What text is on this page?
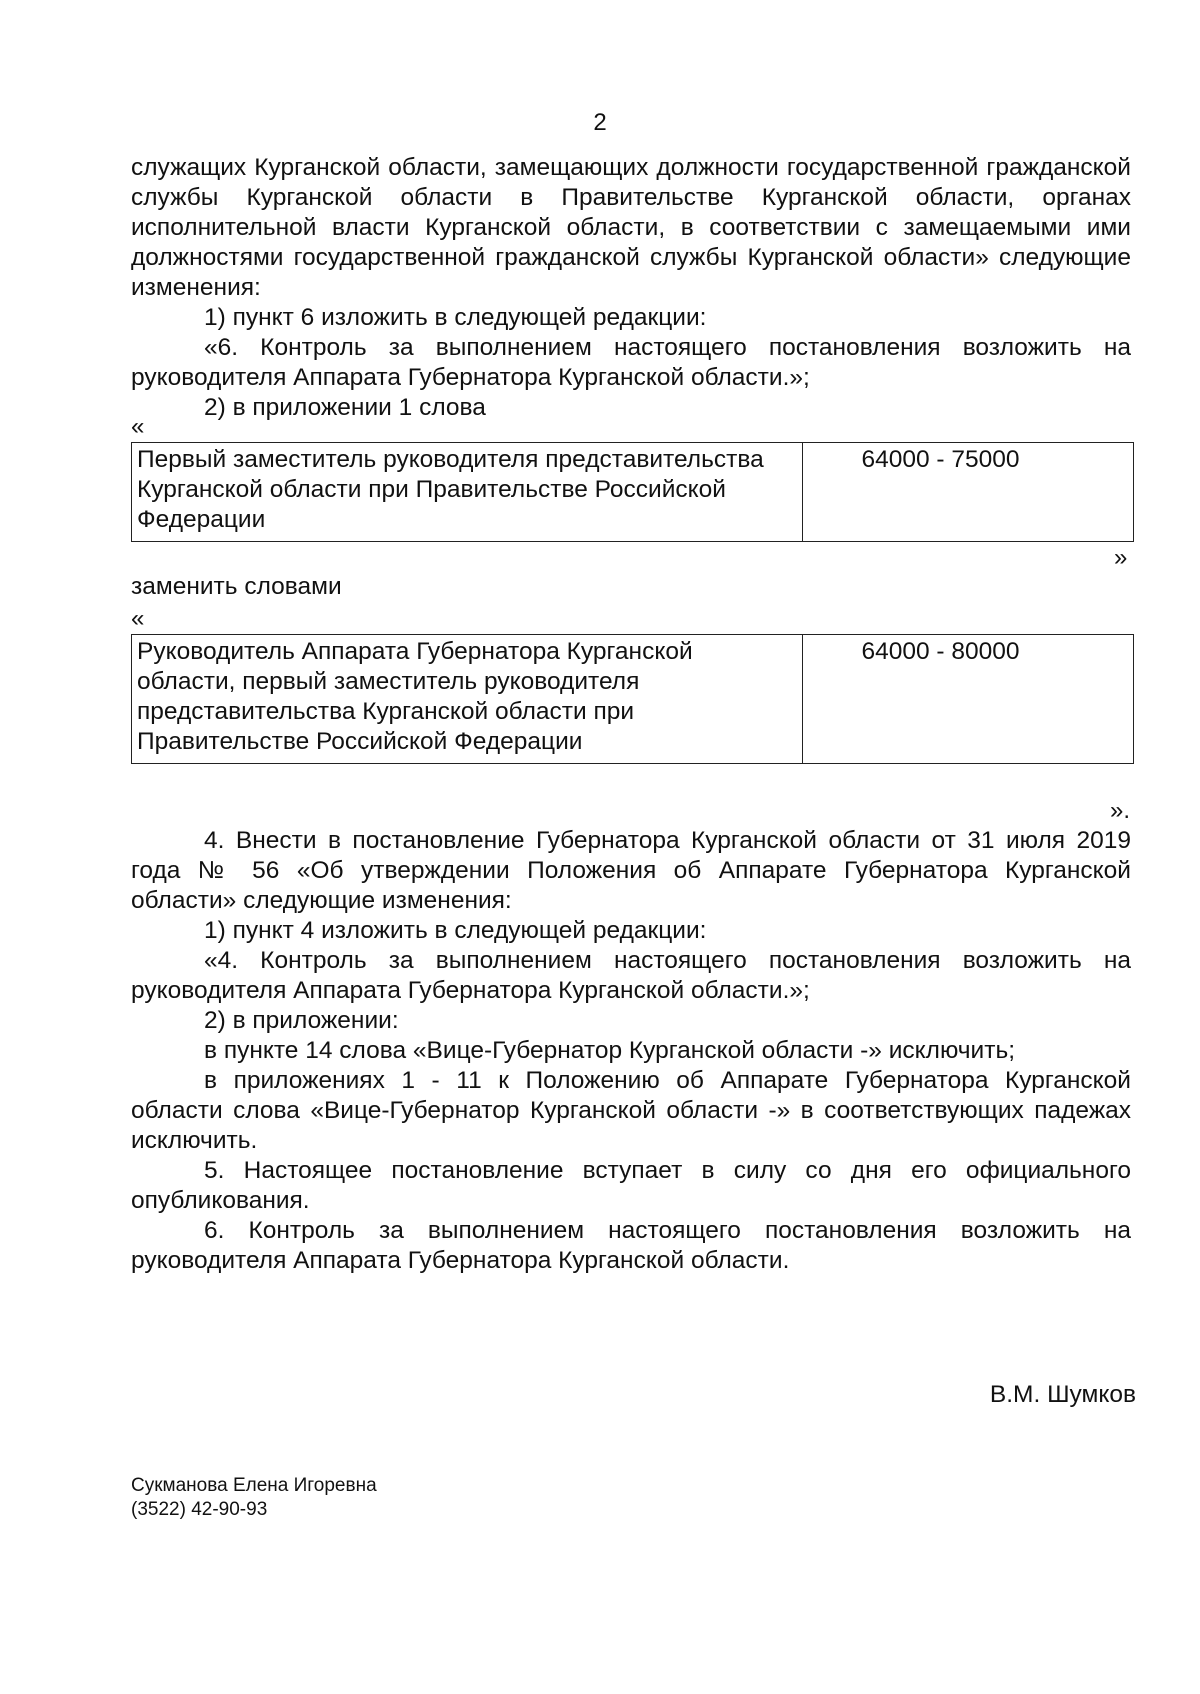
2

служащих Курганской области, замещающих должности государственной гражданской службы Курганской области в Правительстве Курганской области, органах исполнительной власти Курганской области, в соответствии с замещаемыми ими должностями государственной гражданской службы Курганской области» следующие изменения:

1) пункт 6 изложить в следующей редакции:

«6. Контроль за выполнением настоящего постановления возложить на руководителя Аппарата Губернатора Курганской области.»;

2) в приложении 1 слова

«
Первый заместитель руководителя представительства Курганской области при Правительстве Российской Федерации	64000 - 75000
»
заменить словами
«
Руководитель Аппарата Губернатора Курганской области, первый заместитель руководителя представительства Курганской области при Правительстве Российской Федерации	64000 - 80000
».

4. Внести в постановление Губернатора Курганской области от 31 июля 2019 года № 56 «Об утверждении Положения об Аппарате Губернатора Курганской области» следующие изменения:

1) пункт 4 изложить в следующей редакции:

«4. Контроль за выполнением настоящего постановления возложить на руководителя Аппарата Губернатора Курганской области.»;

2) в приложении:

в пункте 14 слова «Вице-Губернатор Курганской области -» исключить;

в приложениях 1 - 11 к Положению об Аппарате Губернатора Курганской области слова «Вице-Губернатор Курганской области -» в соответствующих падежах исключить.

5. Настоящее постановление вступает в силу со дня его официального опубликования.

6. Контроль за выполнением настоящего постановления возложить на руководителя Аппарата Губернатора Курганской области.

В.М. Шумков
Сукманова Елена Игоревна
(3522) 42-90-93
